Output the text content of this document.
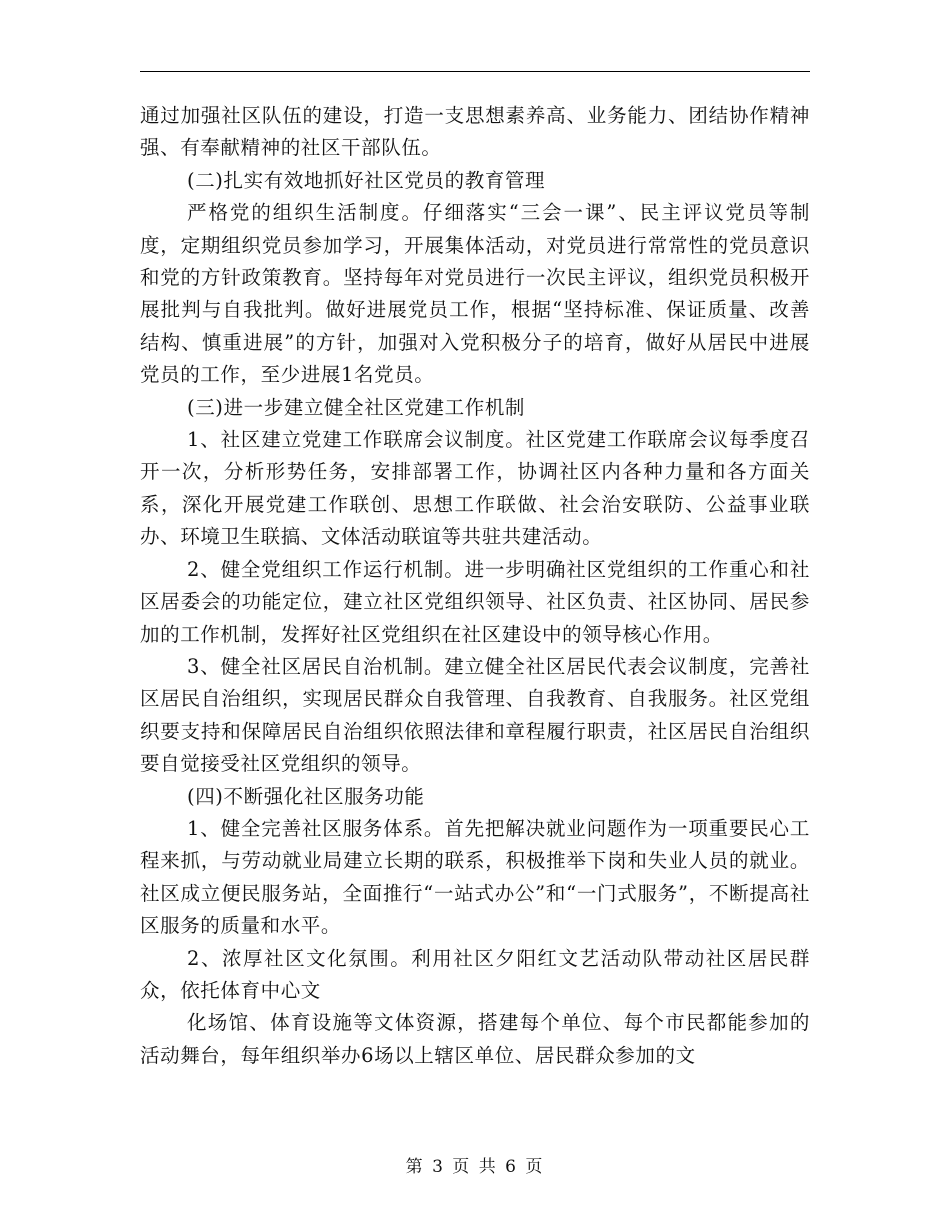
通过加强社区队伍的建设，打造一支思想素养高、业务能力、团结协作精神强、有奉献精神的社区干部队伍。

(二)扎实有效地抓好社区党员的教育管理

严格党的组织生活制度。仔细落实“三会一课”、民主评议党员等制度，定期组织党员参加学习，开展集体活动，对党员进行常常性的党员意识和党的方针政策教育。坚持每年对党员进行一次民主评议，组织党员积极开展批判与自我批判。做好进展党员工作，根据“坚持标准、保证质量、改善结构、慎重进展”的方针，加强对入党积极分子的培育，做好从居民中进展党员的工作，至少进展1名党员。

(三)进一步建立健全社区党建工作机制

1、社区建立党建工作联席会议制度。社区党建工作联席会议每季度召开一次，分析形势任务，安排部署工作，协调社区内各种力量和各方面关系，深化开展党建工作联创、思想工作联做、社会治安联防、公益事业联办、环境卫生联搞、文体活动联谊等共驻共建活动。

2、健全党组织工作运行机制。进一步明确社区党组织的工作重心和社区居委会的功能定位，建立社区党组织领导、社区负责、社区协同、居民参加的工作机制，发挥好社区党组织在社区建设中的领导核心作用。

3、健全社区居民自治机制。建立健全社区居民代表会议制度，完善社区居民自治组织，实现居民群众自我管理、自我教育、自我服务。社区党组织要支持和保障居民自治组织依照法律和章程履行职责，社区居民自治组织要自觉接受社区党组织的领导。

(四)不断强化社区服务功能

1、健全完善社区服务体系。首先把解决就业问题作为一项重要民心工程来抓，与劳动就业局建立长期的联系，积极推举下岗和失业人员的就业。社区成立便民服务站，全面推行“一站式办公”和“一门式服务”，不断提高社区服务的质量和水平。

2、浓厚社区文化氛围。利用社区夕阳红文艺活动队带动社区居民群众，依托体育中心文

化场馆、体育设施等文体资源，搭建每个单位、每个市民都能参加的活动舞台，每年组织举办6场以上辖区单位、居民群众参加的文

第 3 页 共 6 页
